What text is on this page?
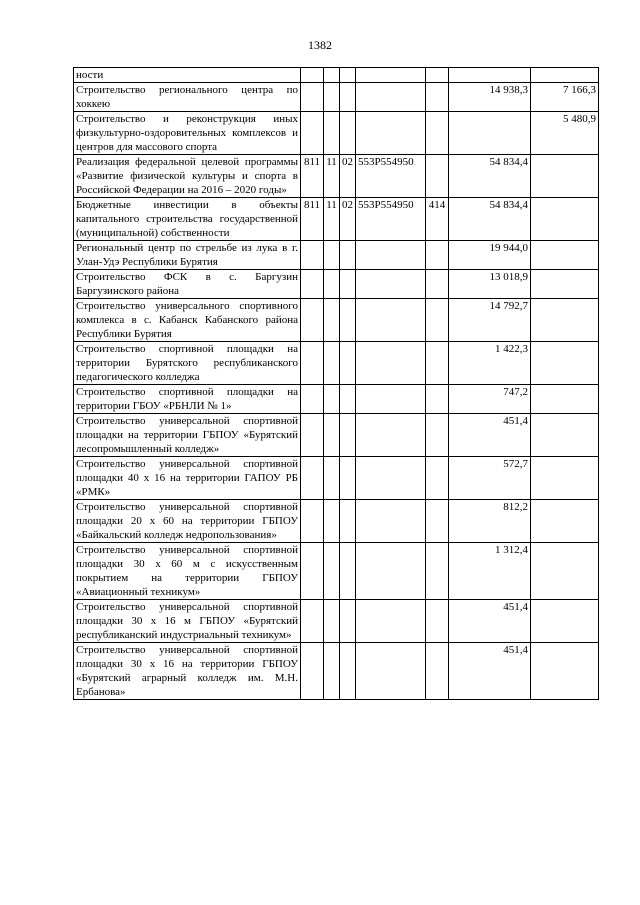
1382
ности							
Строительство регионального центра по хоккею						14 938,3	7 166,3
Строительство и реконструкция иных физкультурно-оздоровительных комплексов и центров для массового спорта							5 480,9
Реализация федеральной целевой программы «Развитие физической культуры и спорта в Российской Федерации на 2016 – 2020 годы»	811	11	02	553P554950		54 834,4	
Бюджетные инвестиции в объекты капитального строительства государственной (муниципальной) собственности	811	11	02	553P554950	414	54 834,4	
Региональный центр по стрельбе из лука в г. Улан-Удэ Республики Бурятия						19 944,0	
Строительство ФСК в с. Баргузин Баргузинского района						13 018,9	
Строительство универсального спортивного комплекса в с. Кабанск Кабанского района Республики Бурятия						14 792,7	
Строительство спортивной площадки на территории Бурятского республиканского педагогического колледжа						1 422,3	
Строительство спортивной площадки на территории ГБОУ «РБНЛИ № 1»						747,2	
Строительство универсальной спортивной площадки на территории ГБПОУ «Бурятский лесопромышленный колледж»						451,4	
Строительство универсальной спортивной площадки 40 х 16 на территории ГАПОУ РБ «РМК»						572,7	
Строительство универсальной спортивной площадки 20 х 60 на территории ГБПОУ «Байкальский колледж недропользования»						812,2	
Строительство универсальной спортивной площадки 30 х 60 м с искусственным покрытием на территории ГБПОУ «Авиационный техникум»						1 312,4	
Строительство универсальной спортивной площадки 30 х 16 м ГБПОУ «Бурятский республиканский индустриальный техникум»						451,4	
Строительство универсальной спортивной площадки 30 х 16 на территории ГБПОУ «Бурятский аграрный колледж им. М.Н. Ербанова»						451,4	
